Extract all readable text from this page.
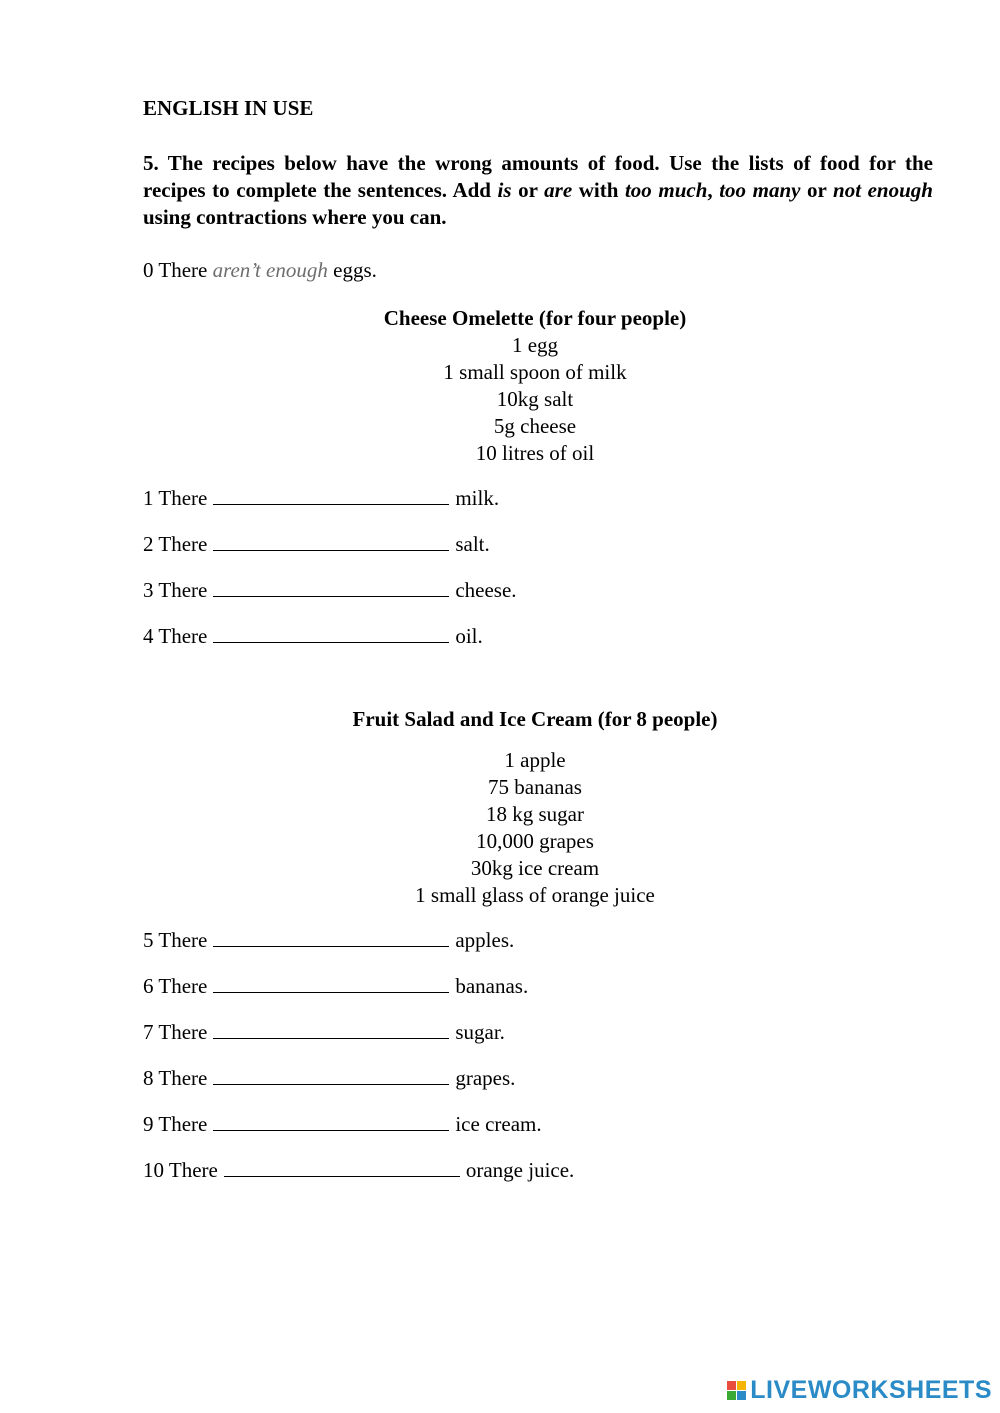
ENGLISH IN USE
5. The recipes below have the wrong amounts of food. Use the lists of food for the recipes to complete the sentences. Add is or are with too much, too many or not enough using contractions where you can.
0 There aren’t enough eggs.
Cheese Omelette (for four people)
1 egg
1 small spoon of milk
10kg salt
5g cheese
10 litres of oil
1 There	milk.
2 There	salt.
3 There	cheese.
4 There	oil.
Fruit Salad and Ice Cream (for 8 people)
1 apple
75 bananas
18 kg sugar
10,000 grapes
30kg ice cream
1 small glass of orange juice
5 There	apples.
6 There	bananas.
7 There	sugar.
8 There	grapes.
9 There	ice cream.
10 There	orange juice.
LIVEWORKSHEETS
